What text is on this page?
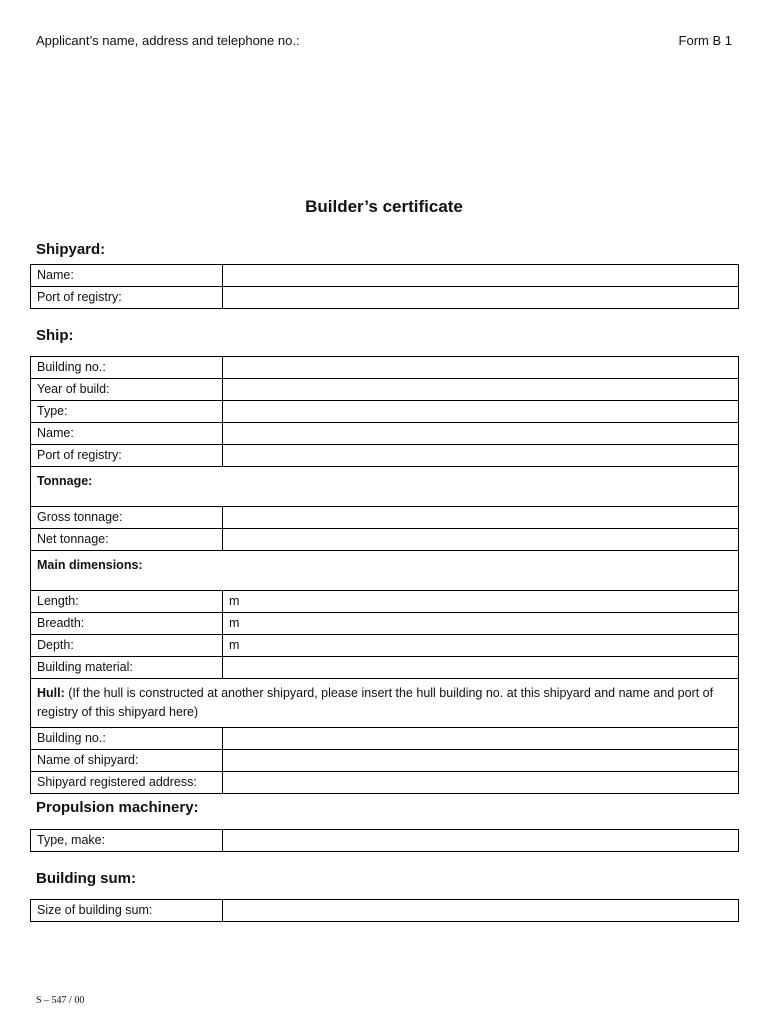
Applicant’s name, address and telephone no.:	Form B 1
Builder’s certificate
Shipyard:
Name:	
Port of registry:	
Ship:
Building no.:	
Year of build:	
Type:	
Name:	
Port of registry:	
Tonnage:	
Gross tonnage:	
Net tonnage:	
Main dimensions:	
Length:	m
Breadth:	m
Depth:	m
Building material:	
Hull: (If the hull is constructed at another shipyard, please insert the hull building no. at this shipyard and name and port of registry of this shipyard here)	
Building no.:	
Name of shipyard:	
Shipyard registered address:	
Propulsion machinery:
Type, make:	
Building sum:
Size of building sum:	
S – 547 / 00
